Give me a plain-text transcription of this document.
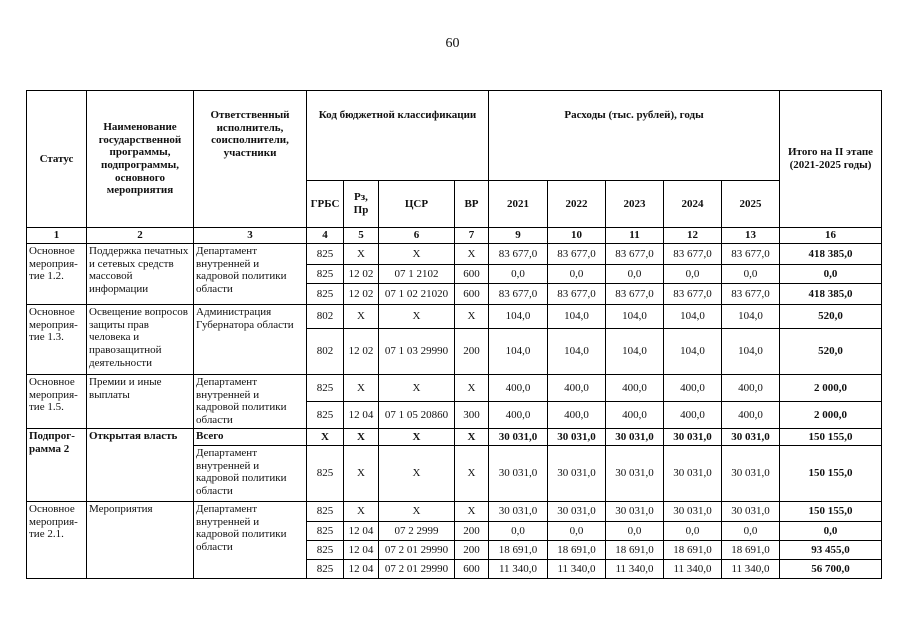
60
Статус	Наименование государственной программы, подпрограммы, основного мероприятия	Ответственный исполнитель, соисполнители, участники	Код бюджетной классификации				Расходы (тыс. рублей), годы					Итого на II этапе (2021-2025 годы)
			ГРБС	Рз, Пр	ЦСР	ВР	2021	2022	2023	2024	2025	
1	2	3	4	5	6	7	9	10	11	12	13	16
Основное мероприя-тие 1.2.	Поддержка печатных и сетевых средств массовой информации	Департамент внутренней и кадровой политики области	825	X	X	X	83 677,0	83 677,0	83 677,0	83 677,0	83 677,0	418 385,0
			825	12 02	07 1 2102	600	0,0	0,0	0,0	0,0	0,0	0,0
			825	12 02	07 1 02 21020	600	83 677,0	83 677,0	83 677,0	83 677,0	83 677,0	418 385,0
Основное мероприя-тие 1.3.	Освещение вопросов защиты прав человека и правозащитной деятельности	Администрация Губернатора области	802	X	X	X	104,0	104,0	104,0	104,0	104,0	520,0
			802	12 02	07 1 03 29990	200	104,0	104,0	104,0	104,0	104,0	520,0
Основное мероприя-тие 1.5.	Премии и иные выплаты	Департамент внутренней и кадровой политики области	825	X	X	X	400,0	400,0	400,0	400,0	400,0	2 000,0
			825	12 04	07 1 05 20860	300	400,0	400,0	400,0	400,0	400,0	2 000,0
Подпрог-рамма 2	Открытая власть	Всего	X	X	X	X	30 031,0	30 031,0	30 031,0	30 031,0	30 031,0	150 155,0
		Департамент внутренней и кадровой политики области	825	X	X	X	30 031,0	30 031,0	30 031,0	30 031,0	30 031,0	150 155,0
Основное мероприя-тие 2.1.	Мероприятия	Департамент внутренней и кадровой политики области	825	X	X	X	30 031,0	30 031,0	30 031,0	30 031,0	30 031,0	150 155,0
			825	12 04	07 2 2999	200	0,0	0,0	0,0	0,0	0,0	0,0
			825	12 04	07 2 01 29990	200	18 691,0	18 691,0	18 691,0	18 691,0	18 691,0	93 455,0
			825	12 04	07 2 01 29990	600	11 340,0	11 340,0	11 340,0	11 340,0	11 340,0	56 700,0
